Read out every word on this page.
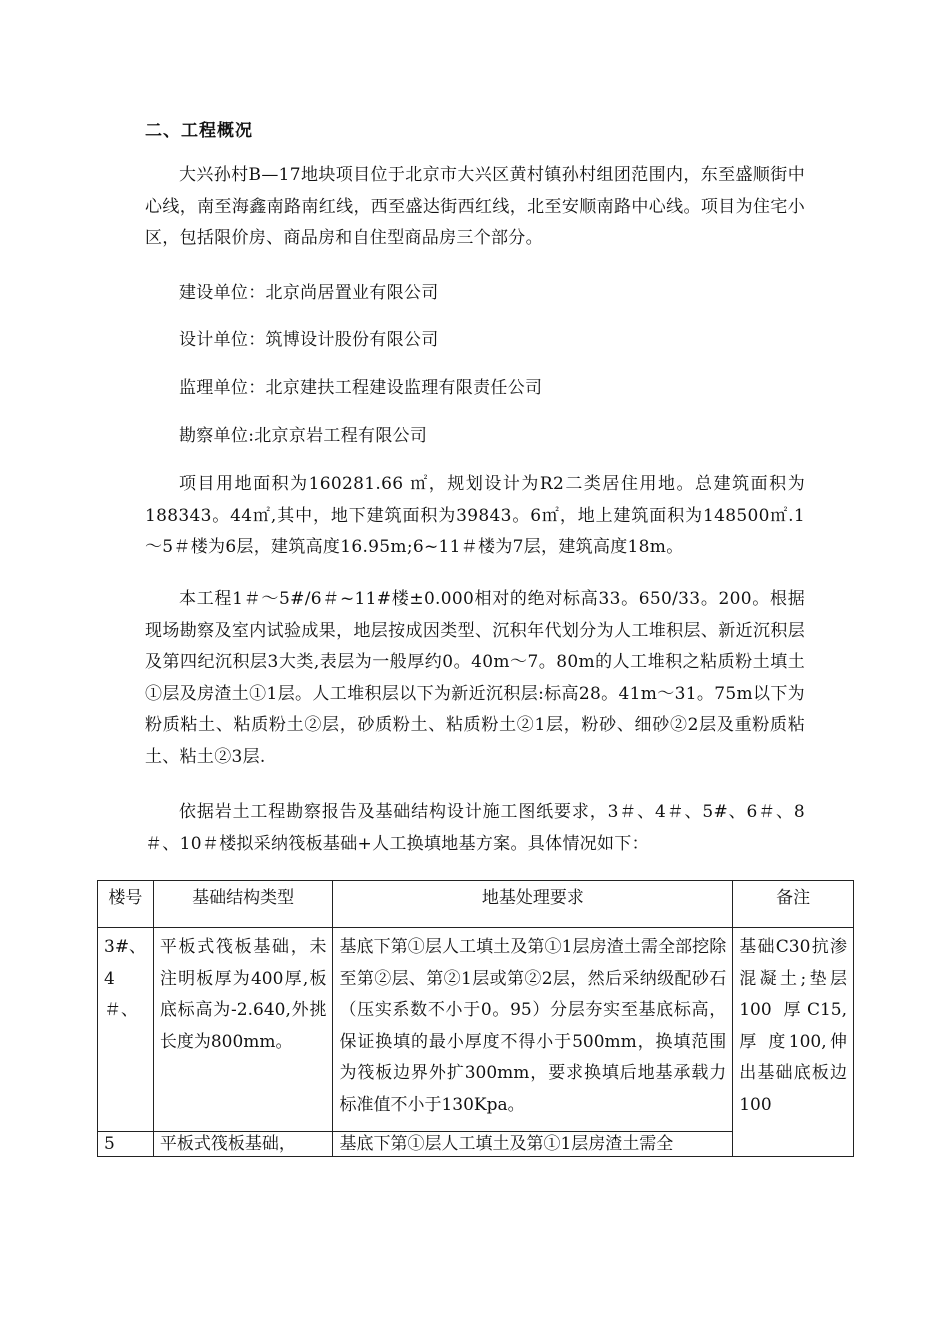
二、工程概况

大兴孙村B—17地块项目位于北京市大兴区黄村镇孙村组团范围内，东至盛顺街中心线，南至海鑫南路南红线，西至盛达街西红线，北至安顺南路中心线。项目为住宅小区，包括限价房、商品房和自住型商品房三个部分。

建设单位：北京尚居置业有限公司

设计单位：筑博设计股份有限公司

监理单位：北京建扶工程建设监理有限责任公司

勘察单位:北京京岩工程有限公司

项目用地面积为160281.66 ㎡，规划设计为R2二类居住用地。总建筑面积为188343。44㎡,其中，地下建筑面积为39843。6㎡，地上建筑面积为148500㎡.1～5＃楼为6层，建筑高度16.95m;6~11＃楼为7层，建筑高度18m。

本工程1＃～5#/6＃~11#楼±0.000相对的绝对标高33。650/33。200。根据现场勘察及室内试验成果，地层按成因类型、沉积年代划分为人工堆积层、新近沉积层及第四纪沉积层3大类,表层为一般厚约0。40m～7。80m的人工堆积之粘质粉土填土①层及房渣土①1层。人工堆积层以下为新近沉积层:标高28。41m～31。75m以下为粉质粘土、粘质粉土②层，砂质粉土、粘质粉土②1层，粉砂、细砂②2层及重粉质粘土、粘土②3层.

依据岩土工程勘察报告及基础结构设计施工图纸要求，3＃、4＃、5#、6＃、8＃、10＃楼拟采纳筏板基础+人工换填地基方案。具体情况如下：

楼号	基础结构类型	地基处理要求	备注
3#、4＃、	平板式筏板基础，未注明板厚为400厚,板底标高为-2.640,外挑长度为800mm。	基底下第①层人工填土及第①1层房渣土需全部挖除至第②层、第②1层或第②2层，然后采纳级配砂石（压实系数不小于0。95）分层夯实至基底标高，保证换填的最小厚度不得小于500mm，换填范围为筏板边界外扩300mm，要求换填后地基承载力标准值不小于130Kpa。	基础C30抗渗混凝土;垫层 100 厚C15, 厚 度100,伸出基础底板边100
5	平板式筏板基础，	基底下第①层人工填土及第①1层房渣土需全	
